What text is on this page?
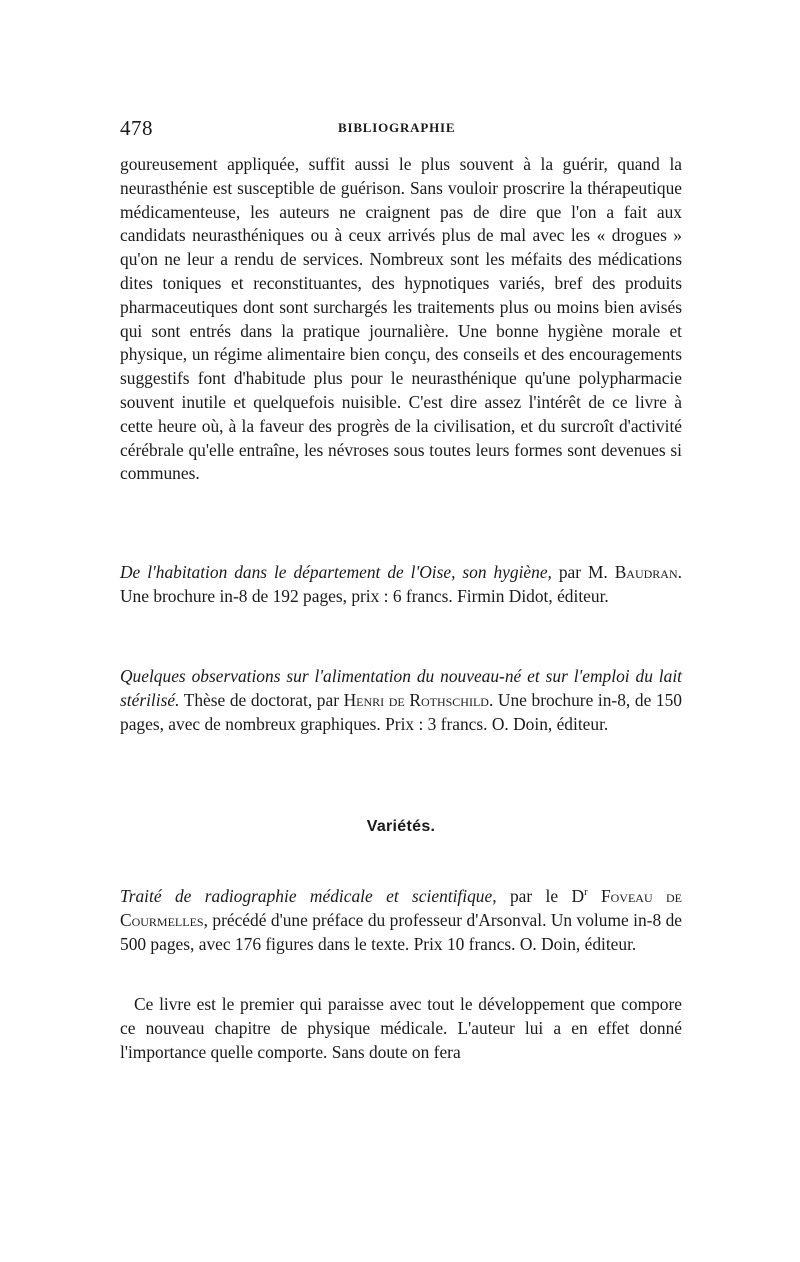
478	BIBLIOGRAPHIE

goureusement appliquée, suffit aussi le plus souvent à la guérir, quand la neurasthénie est susceptible de guérison. Sans vouloir proscrire la thérapeutique médicamenteuse, les auteurs ne craignent pas de dire que l'on a fait aux candidats neurasthéniques ou à ceux arrivés plus de mal avec les « drogues » qu'on ne leur a rendu de services. Nombreux sont les méfaits des médications dites toniques et reconstituantes, des hypnotiques variés, bref des produits pharmaceutiques dont sont surchargés les traitements plus ou moins bien avisés qui sont entrés dans la pratique journalière. Une bonne hygiène morale et physique, un régime alimentaire bien conçu, des conseils et des encouragements suggestifs font d'habitude plus pour le neurasthénique qu'une polypharmacie souvent inutile et quelquefois nuisible. C'est dire assez l'intérêt de ce livre à cette heure où, à la faveur des progrès de la civilisation, et du surcroît d'activité cérébrale qu'elle entraîne, les névroses sous toutes leurs formes sont devenues si communes.

De l'habitation dans le département de l'Oise, son hygiène, par M. Baudran. Une brochure in-8 de 192 pages, prix : 6 francs. Firmin Didot, éditeur.

Quelques observations sur l'alimentation du nouveau-né et sur l'emploi du lait stérilisé. Thèse de doctorat, par Henri de Rothschild. Une brochure in-8, de 150 pages, avec de nombreux graphiques. Prix : 3 francs. O. Doin, éditeur.

Variétés.

Traité de radiographie médicale et scientifique, par le $D^r$ Foveau de Courmelles, précédé d'une préface du professeur d'Arsonval. Un volume in-8 de 500 pages, avec 176 figures dans le texte. Prix 10 francs. O. Doin, éditeur.

Ce livre est le premier qui paraisse avec tout le développement que compore ce nouveau chapitre de physique médicale. L'auteur lui a en effet donné l'importance quelle comporte. Sans doute on fera
